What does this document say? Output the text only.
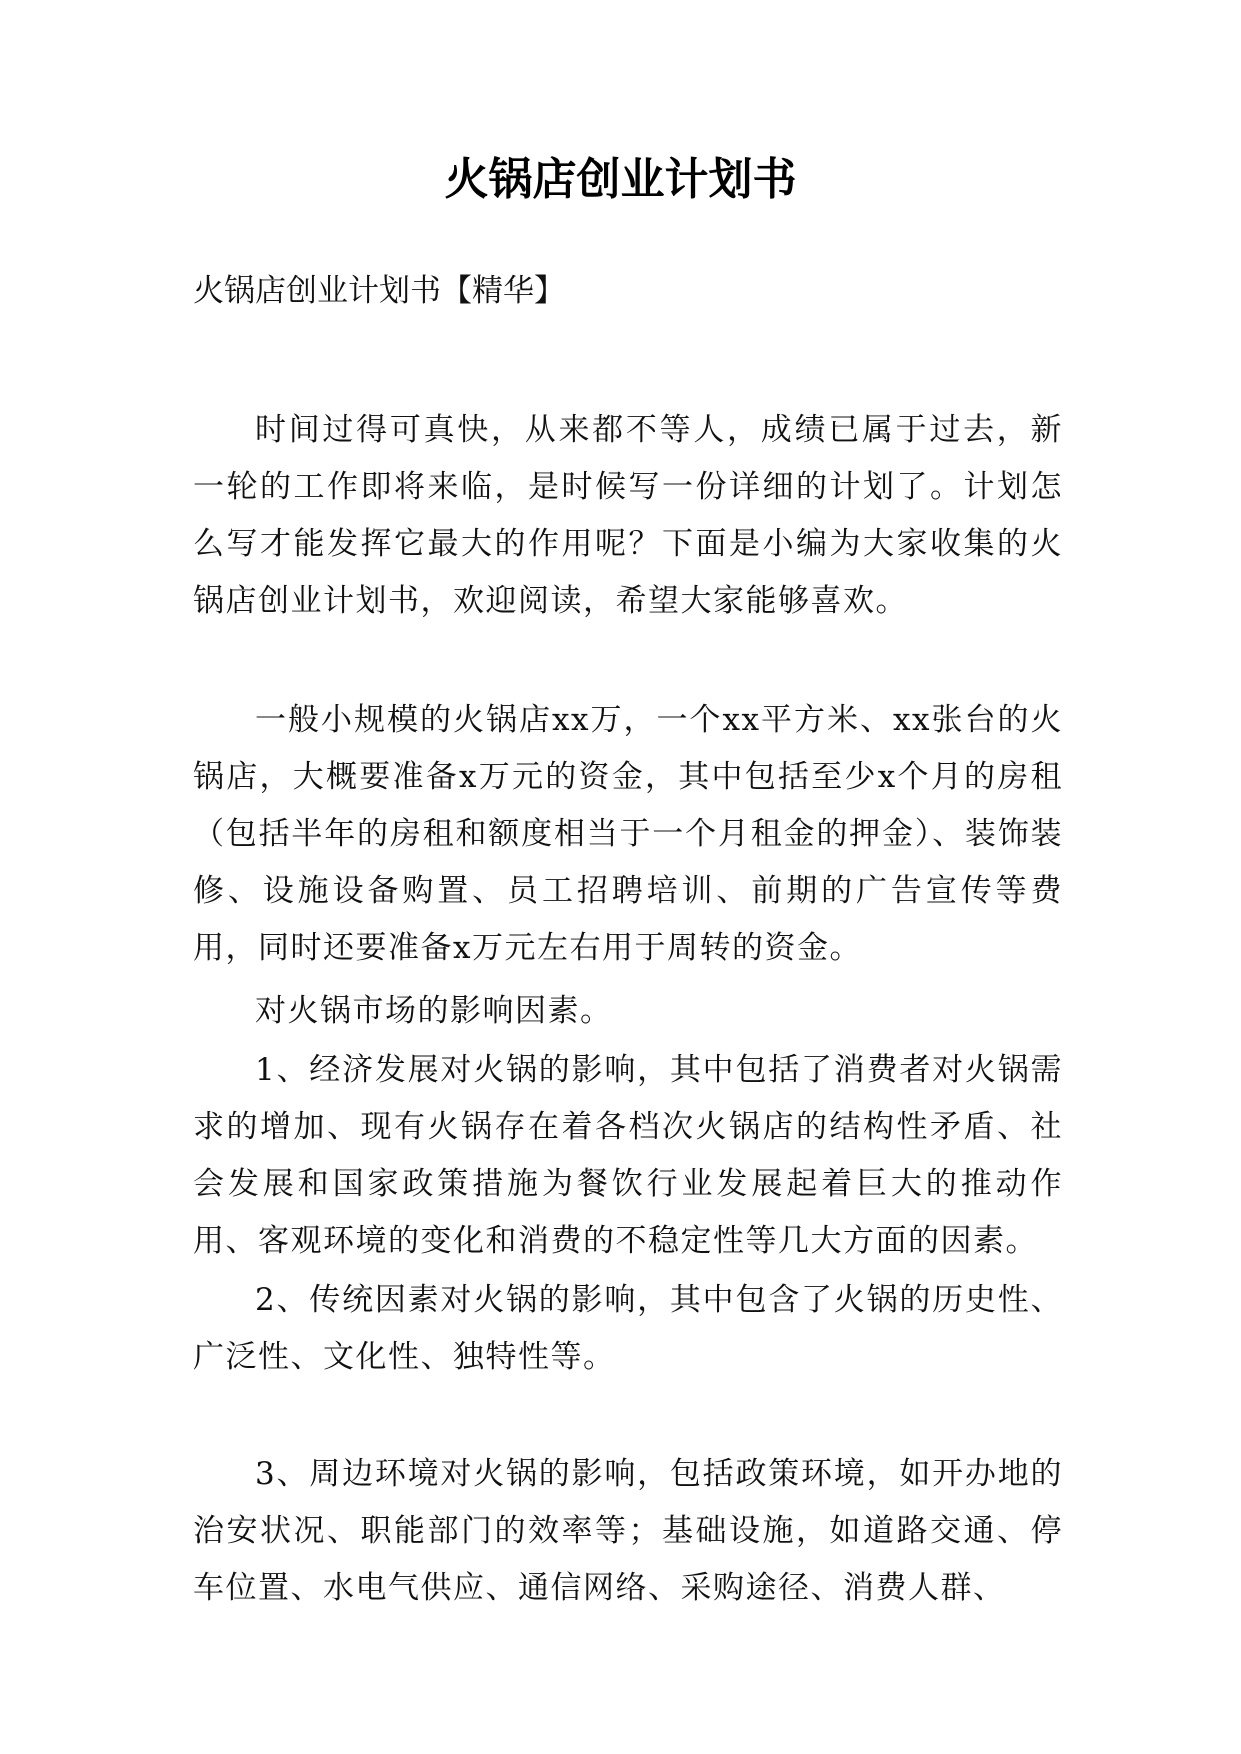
火锅店创业计划书

火锅店创业计划书【精华】

时间过得可真快，从来都不等人，成绩已属于过去，新一轮的工作即将来临，是时候写一份详细的计划了。计划怎么写才能发挥它最大的作用呢？下面是小编为大家收集的火锅店创业计划书，欢迎阅读，希望大家能够喜欢。

一般小规模的火锅店xx万，一个xx平方米、xx张台的火锅店，大概要准备x万元的资金，其中包括至少x个月的房租（包括半年的房租和额度相当于一个月租金的押金）、装饰装修、设施设备购置、员工招聘培训、前期的广告宣传等费用，同时还要准备x万元左右用于周转的资金。

对火锅市场的影响因素。

1、经济发展对火锅的影响，其中包括了消费者对火锅需求的增加、现有火锅存在着各档次火锅店的结构性矛盾、社会发展和国家政策措施为餐饮行业发展起着巨大的推动作用、客观环境的变化和消费的不稳定性等几大方面的因素。

2、传统因素对火锅的影响，其中包含了火锅的历史性、广泛性、文化性、独特性等。

3、周边环境对火锅的影响，包括政策环境，如开办地的治安状况、职能部门的效率等；基础设施，如道路交通、停车位置、水电气供应、通信网络、采购途径、消费人群、
